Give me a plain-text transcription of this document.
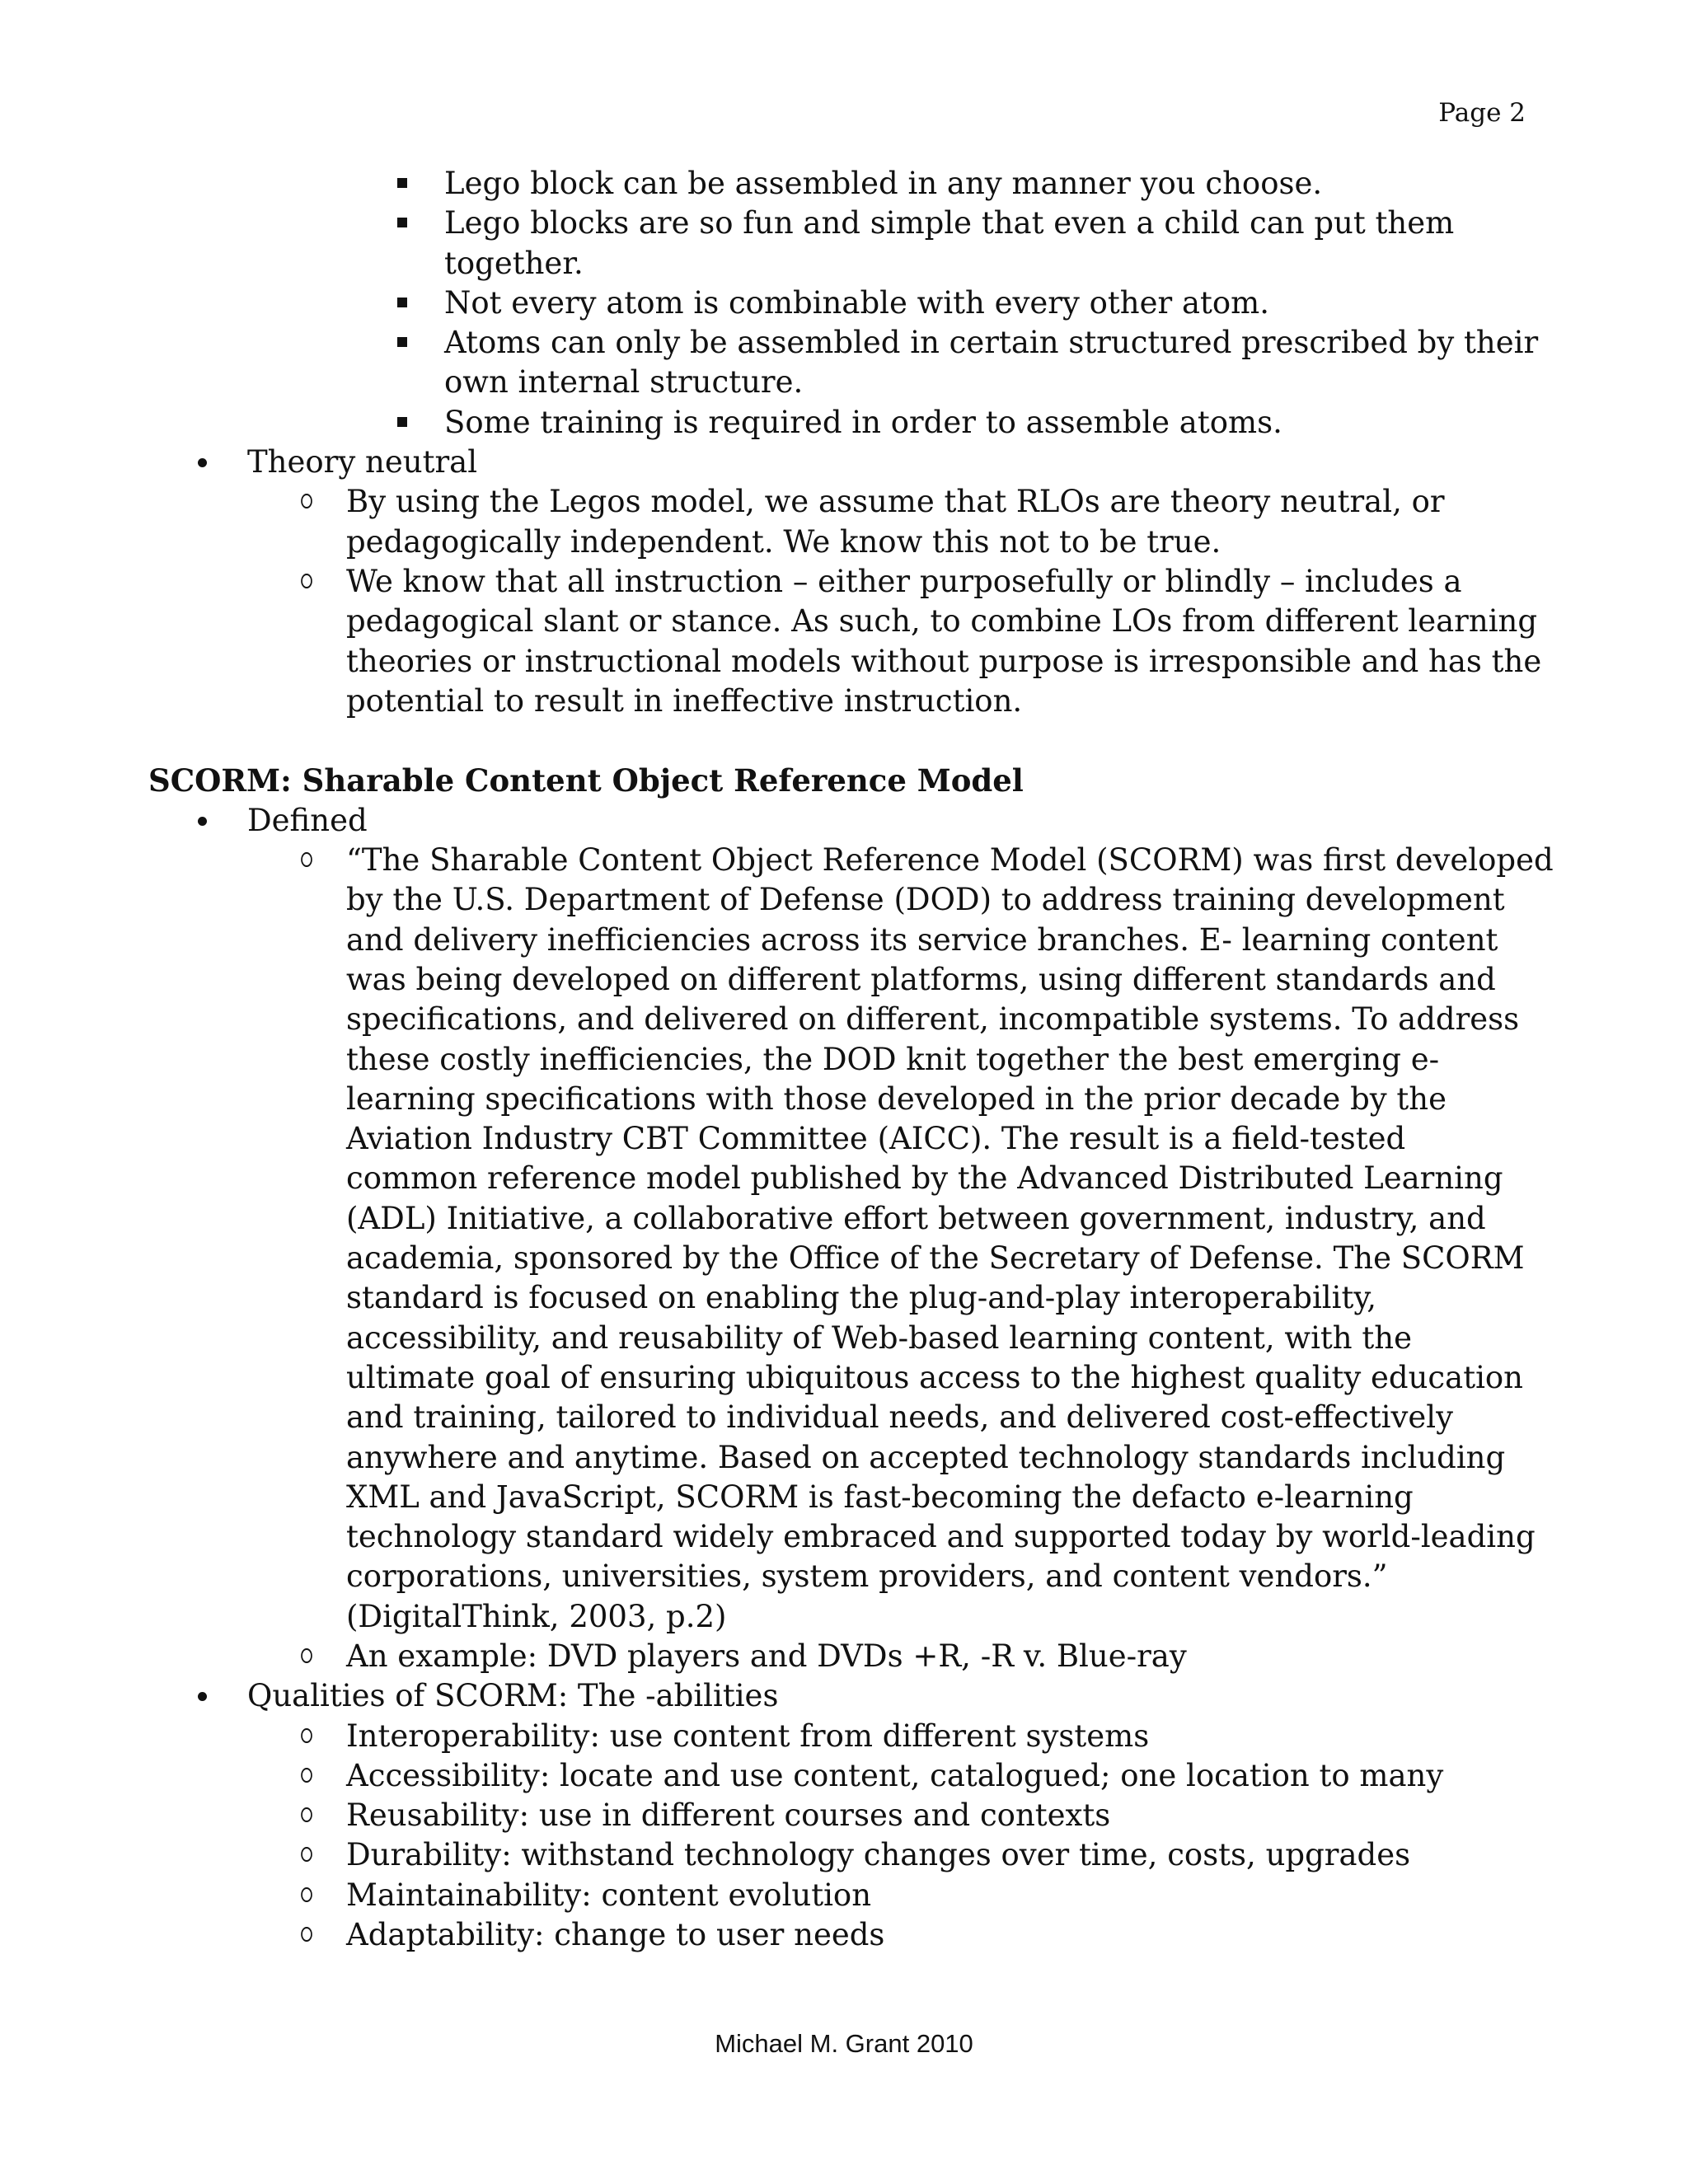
Page 2
Lego block can be assembled in any manner you choose.
Lego blocks are so fun and simple that even a child can put them
together.
Not every atom is combinable with every other atom.
Atoms can only be assembled in certain structured prescribed by their
own internal structure.
Some training is required in order to assemble atoms.
Theory neutral
By using the Legos model, we assume that RLOs are theory neutral, or
pedagogically independent. We know this not to be true.
We know that all instruction – either purposefully or blindly – includes a
pedagogical slant or stance. As such, to combine LOs from different learning
theories or instructional models without purpose is irresponsible and has the
potential to result in ineffective instruction.
SCORM: Sharable Content Object Reference Model
Defined
“The Sharable Content Object Reference Model (SCORM) was first developed
by the U.S. Department of Defense (DOD) to address training development
and delivery inefficiencies across its service branches. E- learning content
was being developed on different platforms, using different standards and
specifications, and delivered on different, incompatible systems. To address
these costly inefficiencies, the DOD knit together the best emerging e-
learning specifications with those developed in the prior decade by the
Aviation Industry CBT Committee (AICC). The result is a field-tested
common reference model published by the Advanced Distributed Learning
(ADL) Initiative, a collaborative effort between government, industry, and
academia, sponsored by the Office of the Secretary of Defense. The SCORM
standard is focused on enabling the plug-and-play interoperability,
accessibility, and reusability of Web-based learning content, with the
ultimate goal of ensuring ubiquitous access to the highest quality education
and training, tailored to individual needs, and delivered cost-effectively
anywhere and anytime. Based on accepted technology standards including
XML and JavaScript, SCORM is fast-becoming the defacto e-learning
technology standard widely embraced and supported today by world-leading
corporations, universities, system providers, and content vendors.”
(DigitalThink, 2003, p.2)
An example: DVD players and DVDs +R, -R v. Blue-ray
Qualities of SCORM: The -abilities
Interoperability: use content from different systems
Accessibility: locate and use content, catalogued; one location to many
Reusability: use in different courses and contexts
Durability: withstand technology changes over time, costs, upgrades
Maintainability: content evolution
Adaptability: change to user needs
Michael M. Grant 2010
